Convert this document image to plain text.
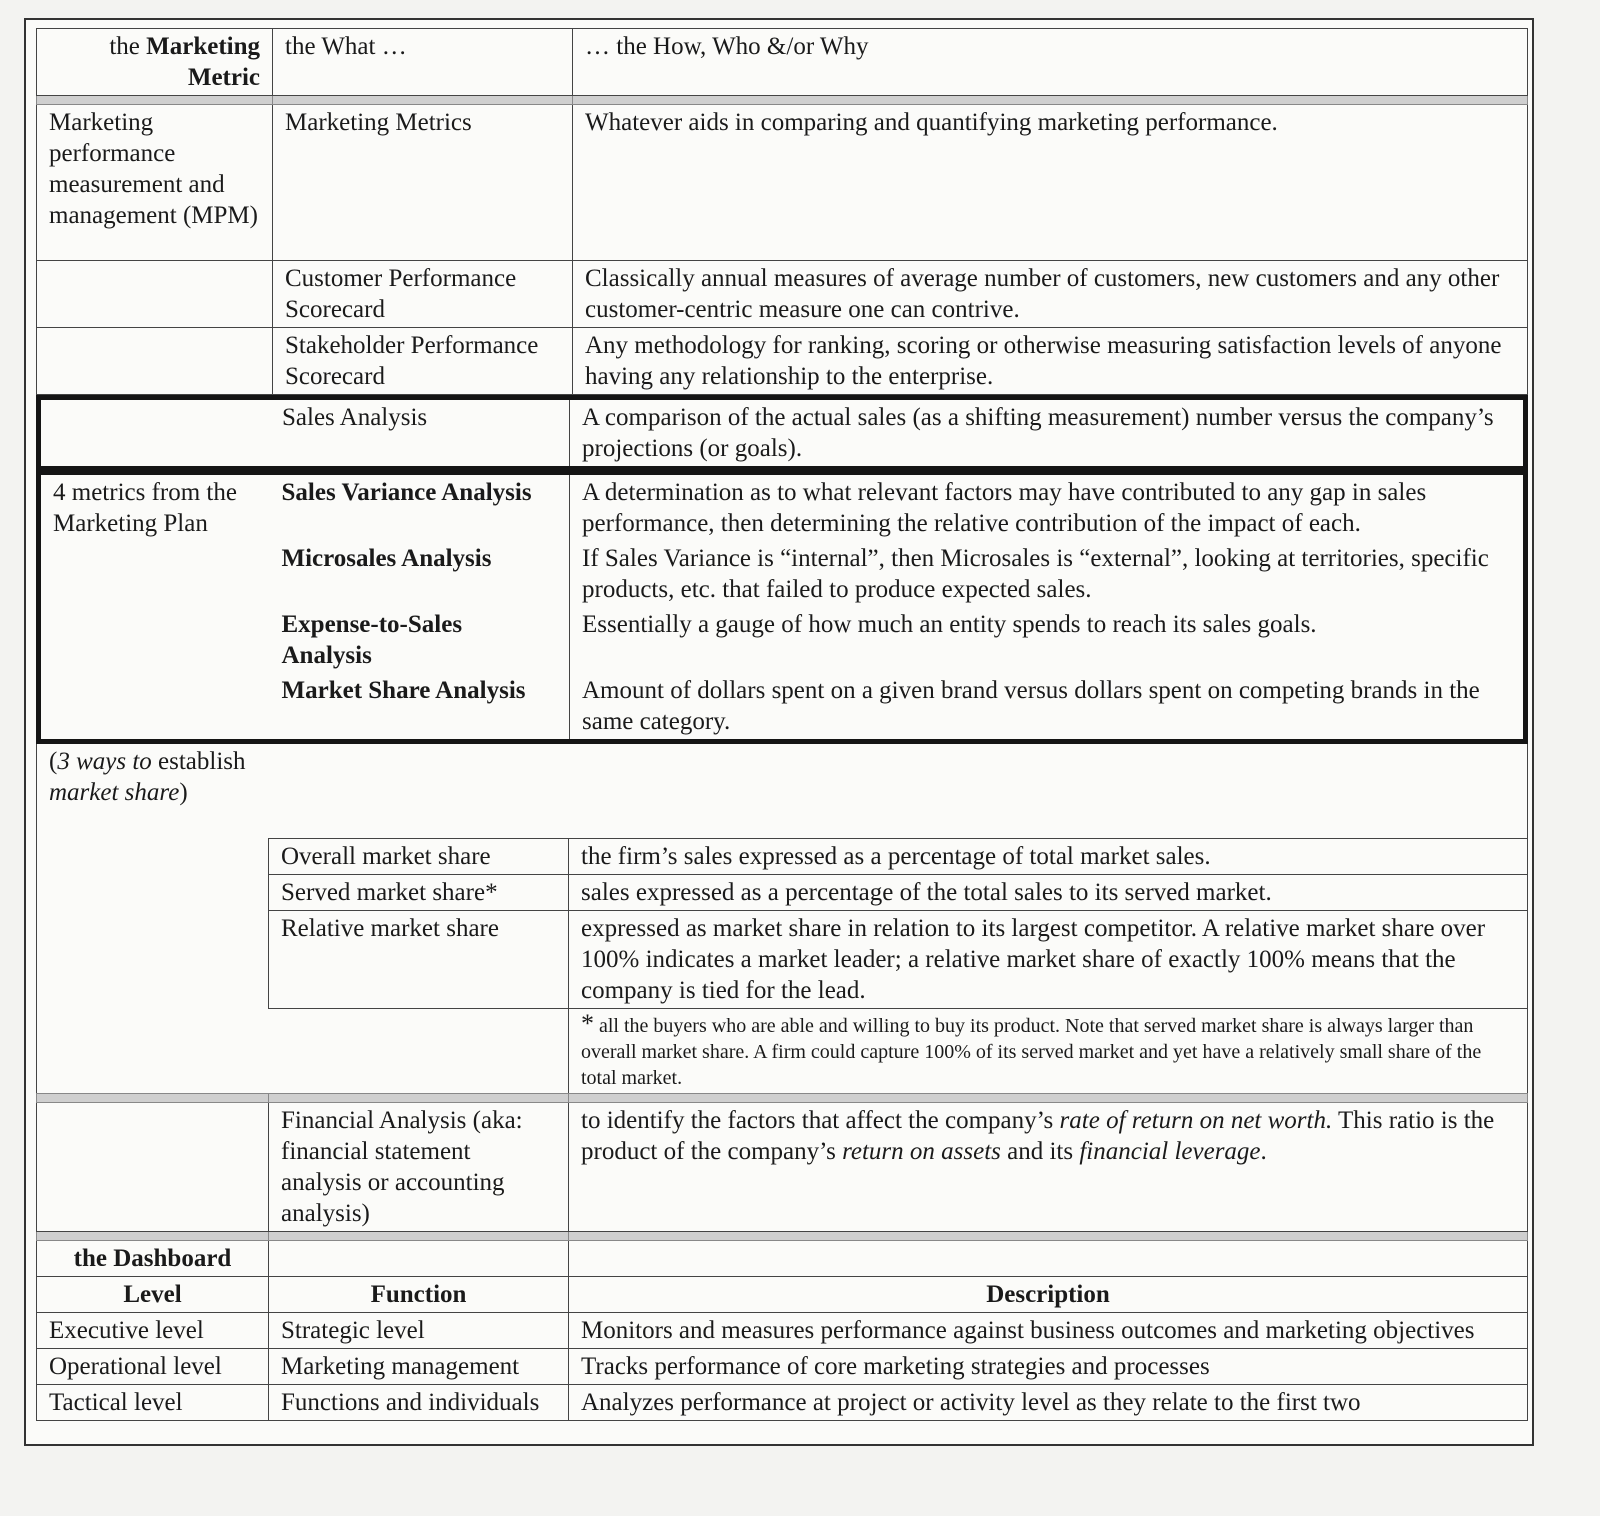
the Marketing Metric	the What …	… the How, Who &/or Why

Marketing performance measurement and management (MPM)	Marketing Metrics	Whatever aids in comparing and quantifying marketing performance.
	Customer Performance Scorecard	Classically annual measures of average number of customers, new customers and any other customer-centric measure one can contrive.
	Stakeholder Performance Scorecard	Any methodology for ranking, scoring or otherwise measuring satisfaction levels of anyone having any relationship to the enterprise.
	Sales Analysis	A comparison of the actual sales (as a shifting measurement) number versus the company’s projections (or goals).
4 metrics from the Marketing Plan	Sales Variance Analysis	A determination as to what relevant factors may have contributed to any gap in sales performance, then determining the relative contribution of the impact of each.
	Microsales Analysis	If Sales Variance is “internal”, then Microsales is “external”, looking at territories, specific products, etc. that failed to produce expected sales.
	Expense-to-Sales Analysis	Essentially a gauge of how much an entity spends to reach its sales goals.
	Market Share Analysis	Amount of dollars spent on a given brand versus dollars spent on competing brands in the same category.
(3 ways to establish market share)		
	Overall market share	the firm’s sales expressed as a percentage of total market sales.
	Served market share*	sales expressed as a percentage of the total sales to its served market.
	Relative market share	expressed as market share in relation to its largest competitor. A relative market share over 100% indicates a market leader; a relative market share of exactly 100% means that the company is tied for the lead.
		* all the buyers who are able and willing to buy its product. Note that served market share is always larger than overall market share. A firm could capture 100% of its served market and yet have a relatively small share of the total market.

	Financial Analysis (aka: financial statement analysis or accounting analysis)	to identify the factors that affect the company’s rate of return on net worth. This ratio is the product of the company’s return on assets and its financial leverage.

the Dashboard		
Level	Function	Description
Executive level	Strategic level	Monitors and measures performance against business outcomes and marketing objectives
Operational level	Marketing management	Tracks performance of core marketing strategies and processes
Tactical level	Functions and individuals	Analyzes performance at project or activity level as they relate to the first two
